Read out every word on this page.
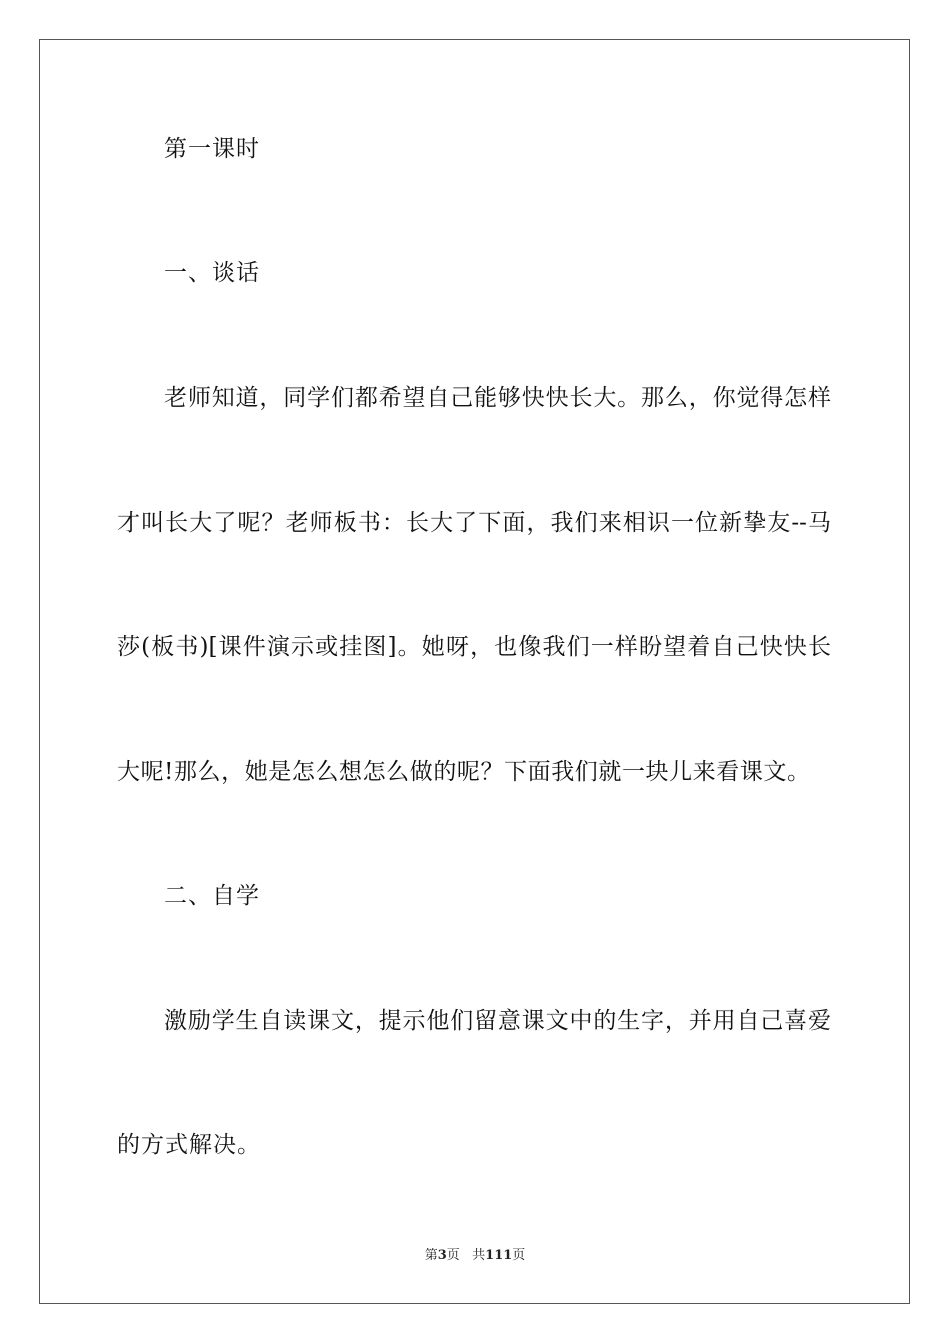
第一课时
一、谈话
老师知道，同学们都希望自己能够快快长大。那么，你觉得怎样
才叫长大了呢？老师板书：长大了下面，我们来相识一位新挚友--马
莎(板书)[课件演示或挂图]。她呀，也像我们一样盼望着自己快快长
大呢!那么，她是怎么想怎么做的呢？下面我们就一块儿来看课文。
二、自学
激励学生自读课文，提示他们留意课文中的生字，并用自己喜爱
的方式解决。
第3页   共111页
